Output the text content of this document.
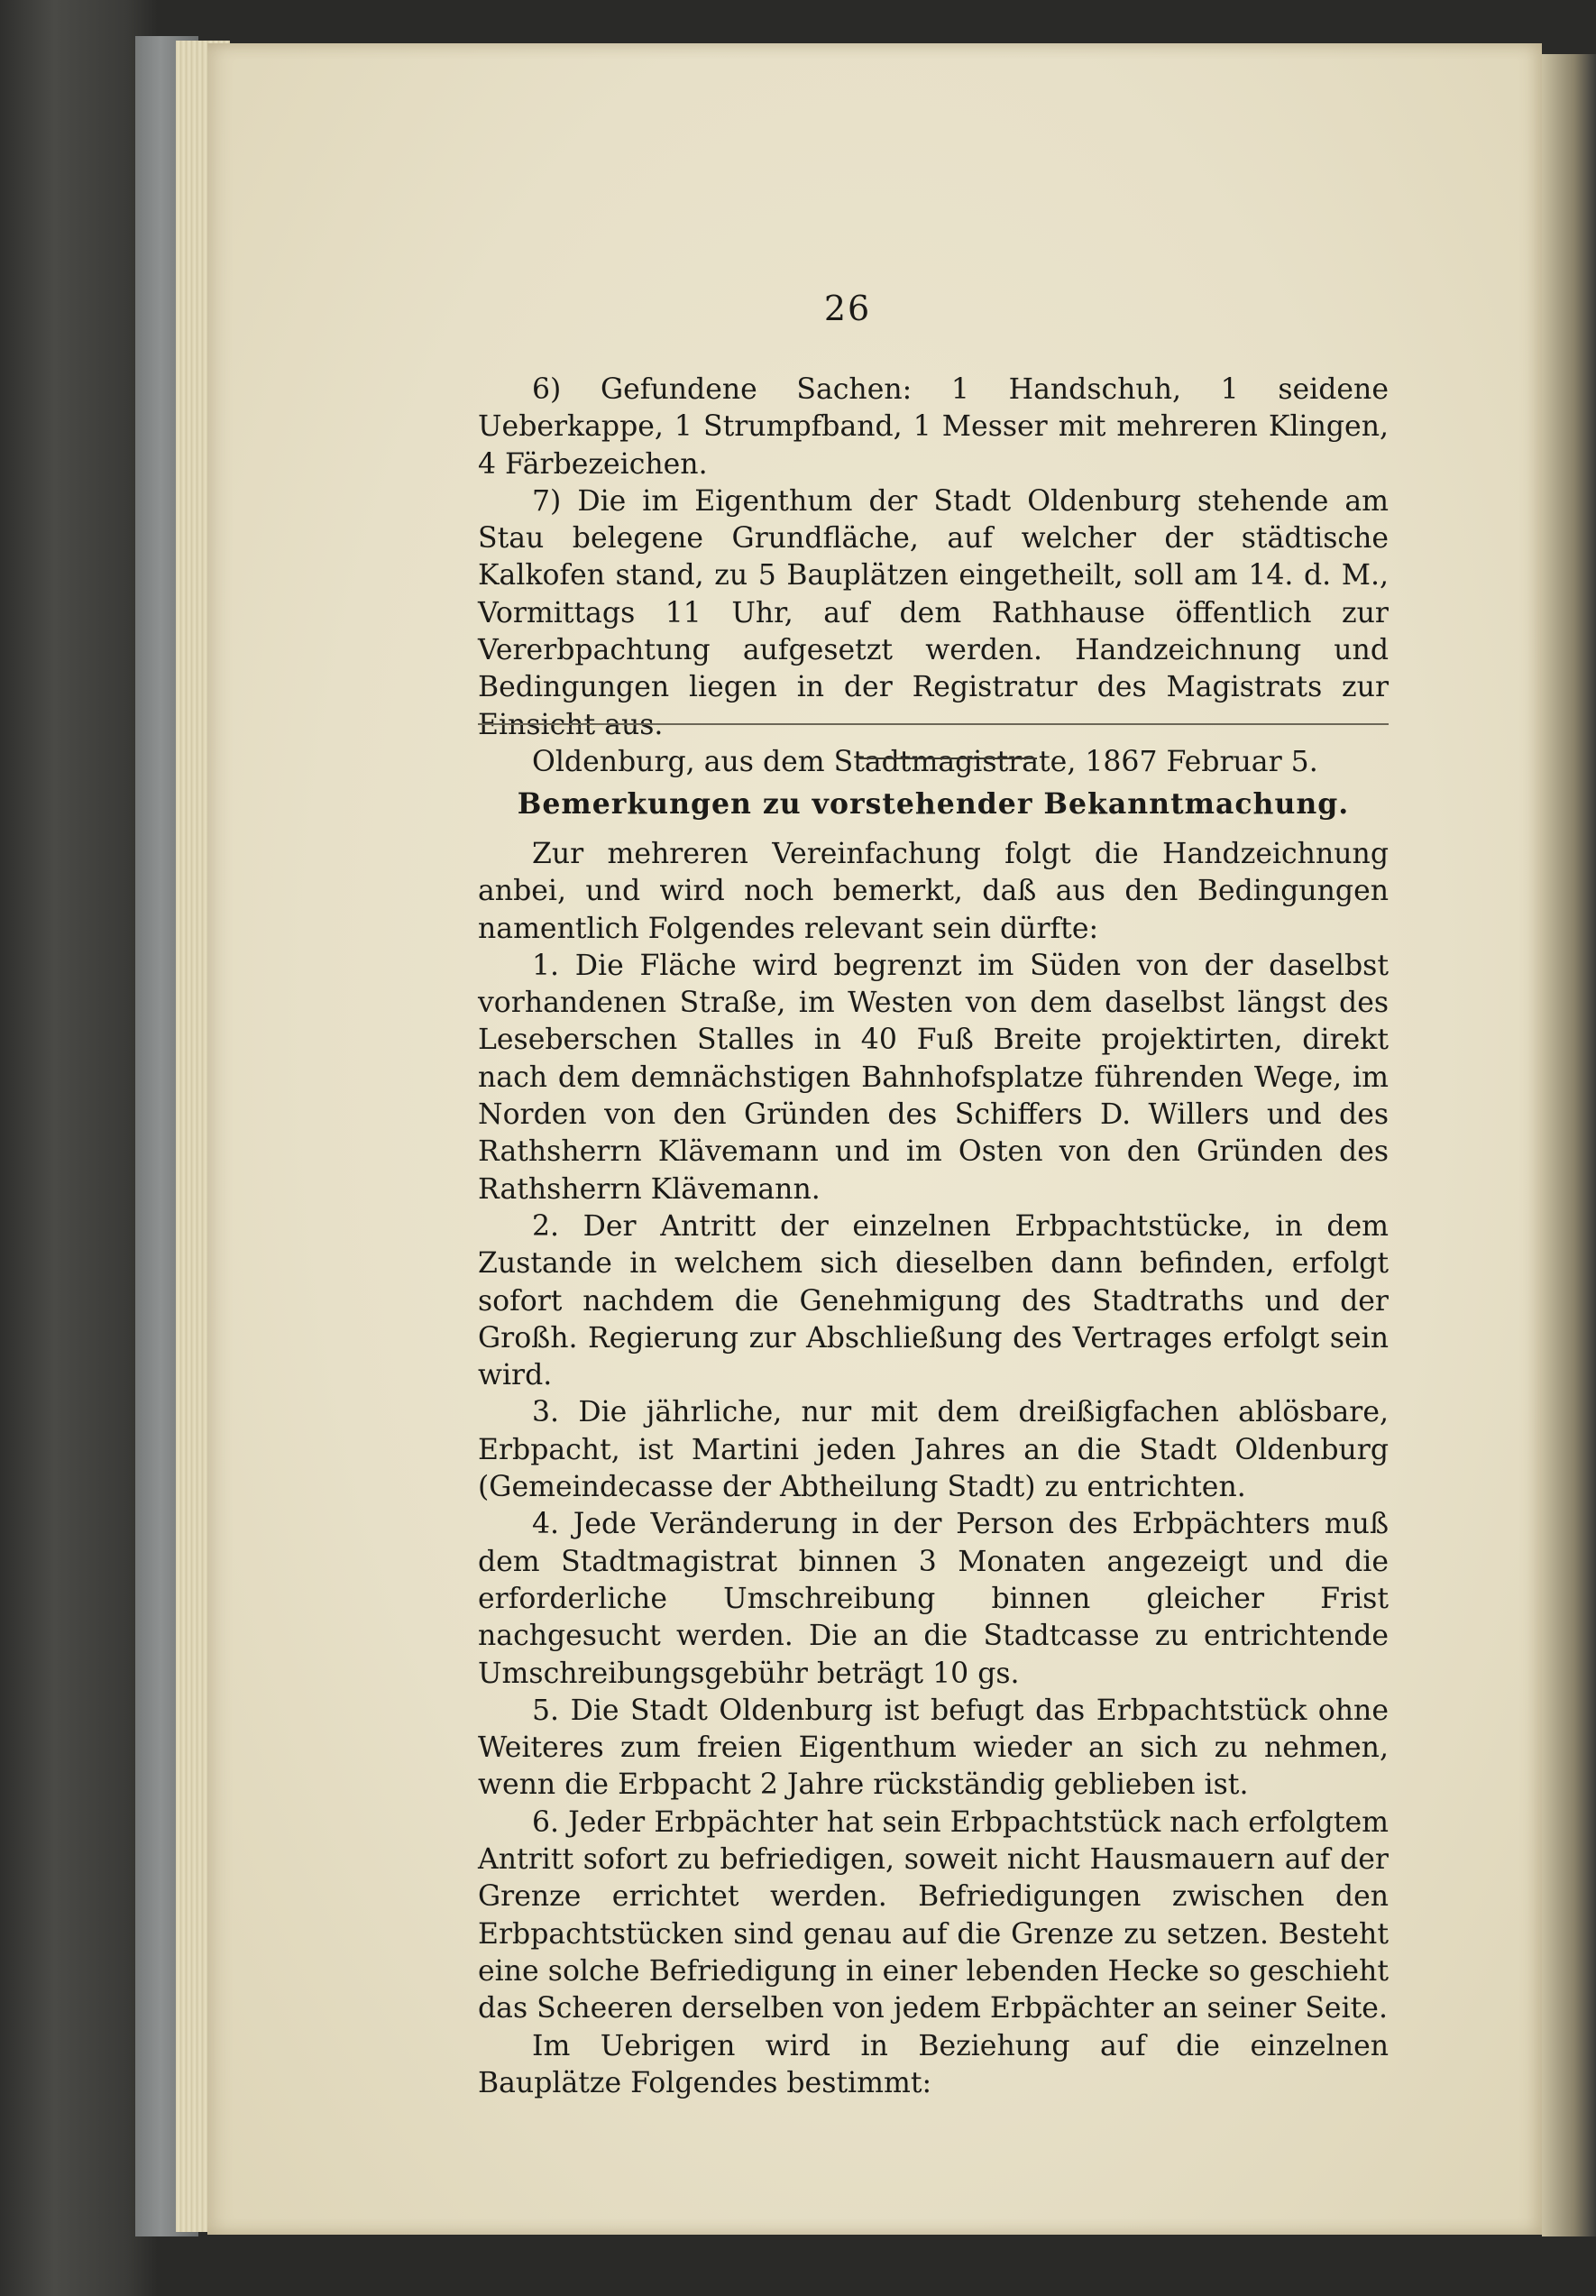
26

6) Gefundene Sachen: 1 Handschuh, 1 seidene Ueberkappe, 1 Strumpfband, 1 Messer mit mehreren Klingen, 4 Färbezeichen.

7) Die im Eigenthum der Stadt Oldenburg stehende am Stau belegene Grundfläche, auf welcher der städtische Kalkofen stand, zu 5 Bauplätzen eingetheilt, soll am 14. d. M., Vormittags 11 Uhr, auf dem Rathhause öffentlich zur Vererbpachtung aufgesetzt werden. Handzeichnung und Bedingungen liegen in der Registratur des Magistrats zur Einsicht aus.

Oldenburg, aus dem Stadtmagistrate, 1867 Februar 5.

Bemerkungen zu vorstehender Bekanntmachung.

Zur mehreren Vereinfachung folgt die Handzeichnung anbei, und wird noch bemerkt, daß aus den Bedingungen namentlich Folgendes relevant sein dürfte:

1. Die Fläche wird begrenzt im Süden von der daselbst vorhandenen Straße, im Westen von dem daselbst längst des Leseberschen Stalles in 40 Fuß Breite projektirten, direkt nach dem demnächstigen Bahnhofsplatze führenden Wege, im Norden von den Gründen des Schiffers D. Willers und des Rathsherrn Klävemann und im Osten von den Gründen des Rathsherrn Klävemann.

2. Der Antritt der einzelnen Erbpachtstücke, in dem Zustande in welchem sich dieselben dann befinden, erfolgt sofort nachdem die Genehmigung des Stadtraths und der Großh. Regierung zur Abschließung des Vertrages erfolgt sein wird.

3. Die jährliche, nur mit dem dreißigfachen ablösbare, Erbpacht, ist Martini jeden Jahres an die Stadt Oldenburg (Gemeindecasse der Abtheilung Stadt) zu entrichten.

4. Jede Veränderung in der Person des Erbpächters muß dem Stadtmagistrat binnen 3 Monaten angezeigt und die erforderliche Umschreibung binnen gleicher Frist nachgesucht werden. Die an die Stadtcasse zu entrichtende Umschreibungsgebühr beträgt 10 gs.

5. Die Stadt Oldenburg ist befugt das Erbpachtstück ohne Weiteres zum freien Eigenthum wieder an sich zu nehmen, wenn die Erbpacht 2 Jahre rückständig geblieben ist.

6. Jeder Erbpächter hat sein Erbpachtstück nach erfolgtem Antritt sofort zu befriedigen, soweit nicht Hausmauern auf der Grenze errichtet werden. Befriedigungen zwischen den Erbpachtstücken sind genau auf die Grenze zu setzen. Besteht eine solche Befriedigung in einer lebenden Hecke so geschieht das Scheeren derselben von jedem Erbpächter an seiner Seite.

Im Uebrigen wird in Beziehung auf die einzelnen Bauplätze Folgendes bestimmt:
